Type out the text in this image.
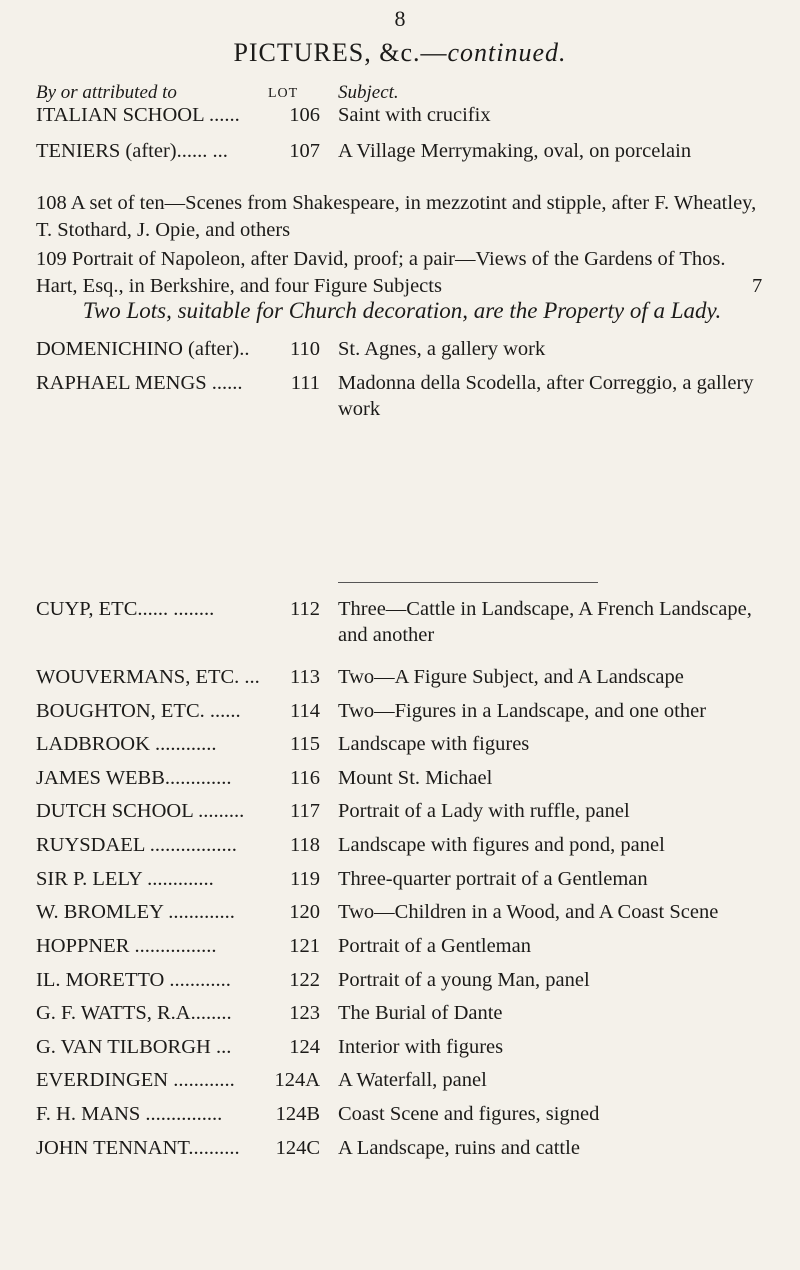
8
PICTURES, &c.—continued.
By or attributed to	LOT Subject.
ITALIAN SCHOOL ......	106 Saint with crucifix
TENIERS (after)...... ...	107 A Village Merrymaking, oval, on porcelain
108 A set of ten—Scenes from Shakespeare, in mezzotint and stipple, after F. Wheatley, T. Stothard, J. Opie, and others
109 Portrait of Napoleon, after David, proof; a pair—Views of the Gardens of Thos. Hart, Esq., in Berkshire, and four Figure Subjects	7
Two Lots, suitable for Church decoration, are the Property of a Lady.
DOMENICHINO (after)..	110 St. Agnes, a gallery work
RAPHAEL MENGS ......	111 Madonna della Scodella, after Correggio, a gallery work
CUYP, ETC...... ........	112 Three—Cattle in Landscape, A French Landscape, and another
WOUVERMANS, ETC. ...	113 Two—A Figure Subject, and A Landscape
BOUGHTON, ETC. ......	114 Two—Figures in a Landscape, and one other
LADBROOK ............	115 Landscape with figures
JAMES WEBB.............	116 Mount St. Michael
DUTCH SCHOOL .........	117 Portrait of a Lady with ruffle, panel
RUYSDAEL .................	118 Landscape with figures and pond, panel
SIR P. LELY .............	119 Three-quarter portrait of a Gentleman
W. BROMLEY .............	120 Two—Children in a Wood, and A Coast Scene
HOPPNER ................	121 Portrait of a Gentleman
IL. MORETTO ............	122 Portrait of a young Man, panel
G. F. WATTS, R.A........	123 The Burial of Dante
G. VAN TILBORGH ...	124 Interior with figures
EVERDINGEN ............	124A A Waterfall, panel
F. H. MANS ...............	124B Coast Scene and figures, signed
JOHN TENNANT..........	124C A Landscape, ruins and cattle
